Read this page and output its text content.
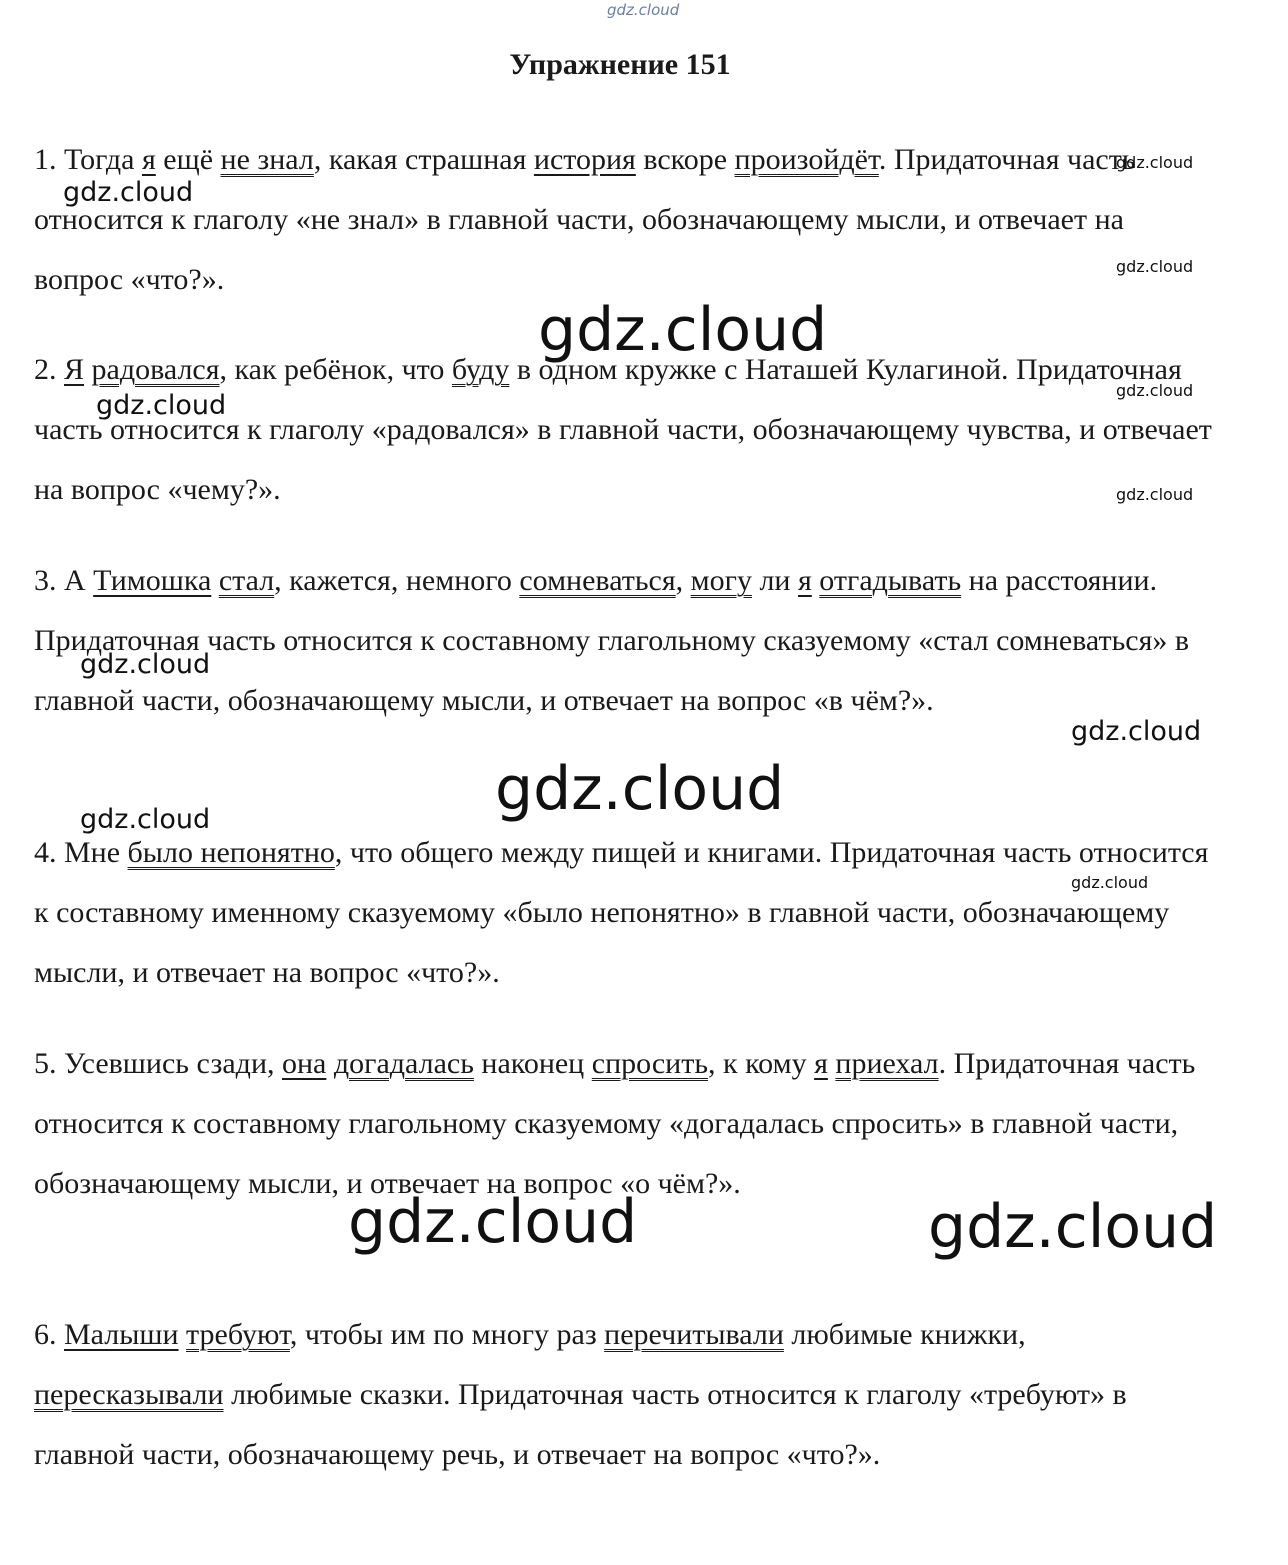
gdz.cloud
Упражнение 151
1. Тогда я ещё не знал, какая страшная история вскоре произойдёт. Придаточная часть относится к глаголу «не знал» в главной части, обозначающему мысли, и отвечает на вопрос «что?».
2. Я радовался, как ребёнок, что буду в одном кружке с Наташей Кулагиной. Придаточная часть относится к глаголу «радовался» в главной части, обозначающему чувства, и отвечает на вопрос «чему?».
3. А Тимошка стал, кажется, немного сомневаться, могу ли я отгадывать на расстоянии. Придаточная часть относится к составному глагольному сказуемому «стал сомневаться» в главной части, обозначающему мысли, и отвечает на вопрос «в чём?».
4. Мне было непонятно, что общего между пищей и книгами. Придаточная часть относится к составному именному сказуемому «было непонятно» в главной части, обозначающему мысли, и отвечает на вопрос «что?».
5. Усевшись сзади, она догадалась наконец спросить, к кому я приехал. Придаточная часть относится к составному глагольному сказуемому «догадалась спросить» в главной части, обозначающему мысли, и отвечает на вопрос «о чём?».
6. Малыши требуют, чтобы им по многу раз перечитывали любимые книжки, пересказывали любимые сказки. Придаточная часть относится к глаголу «требуют» в главной части, обозначающему речь, и отвечает на вопрос «что?».
gdz.cloud
gdz.cloud
gdz.cloud
gdz.cloud
gdz.cloud
gdz.cloud
gdz.cloud
gdz.cloud
gdz.cloud
gdz.cloud
gdz.cloud
gdz.cloud
gdz.cloud	gdz.cloud
